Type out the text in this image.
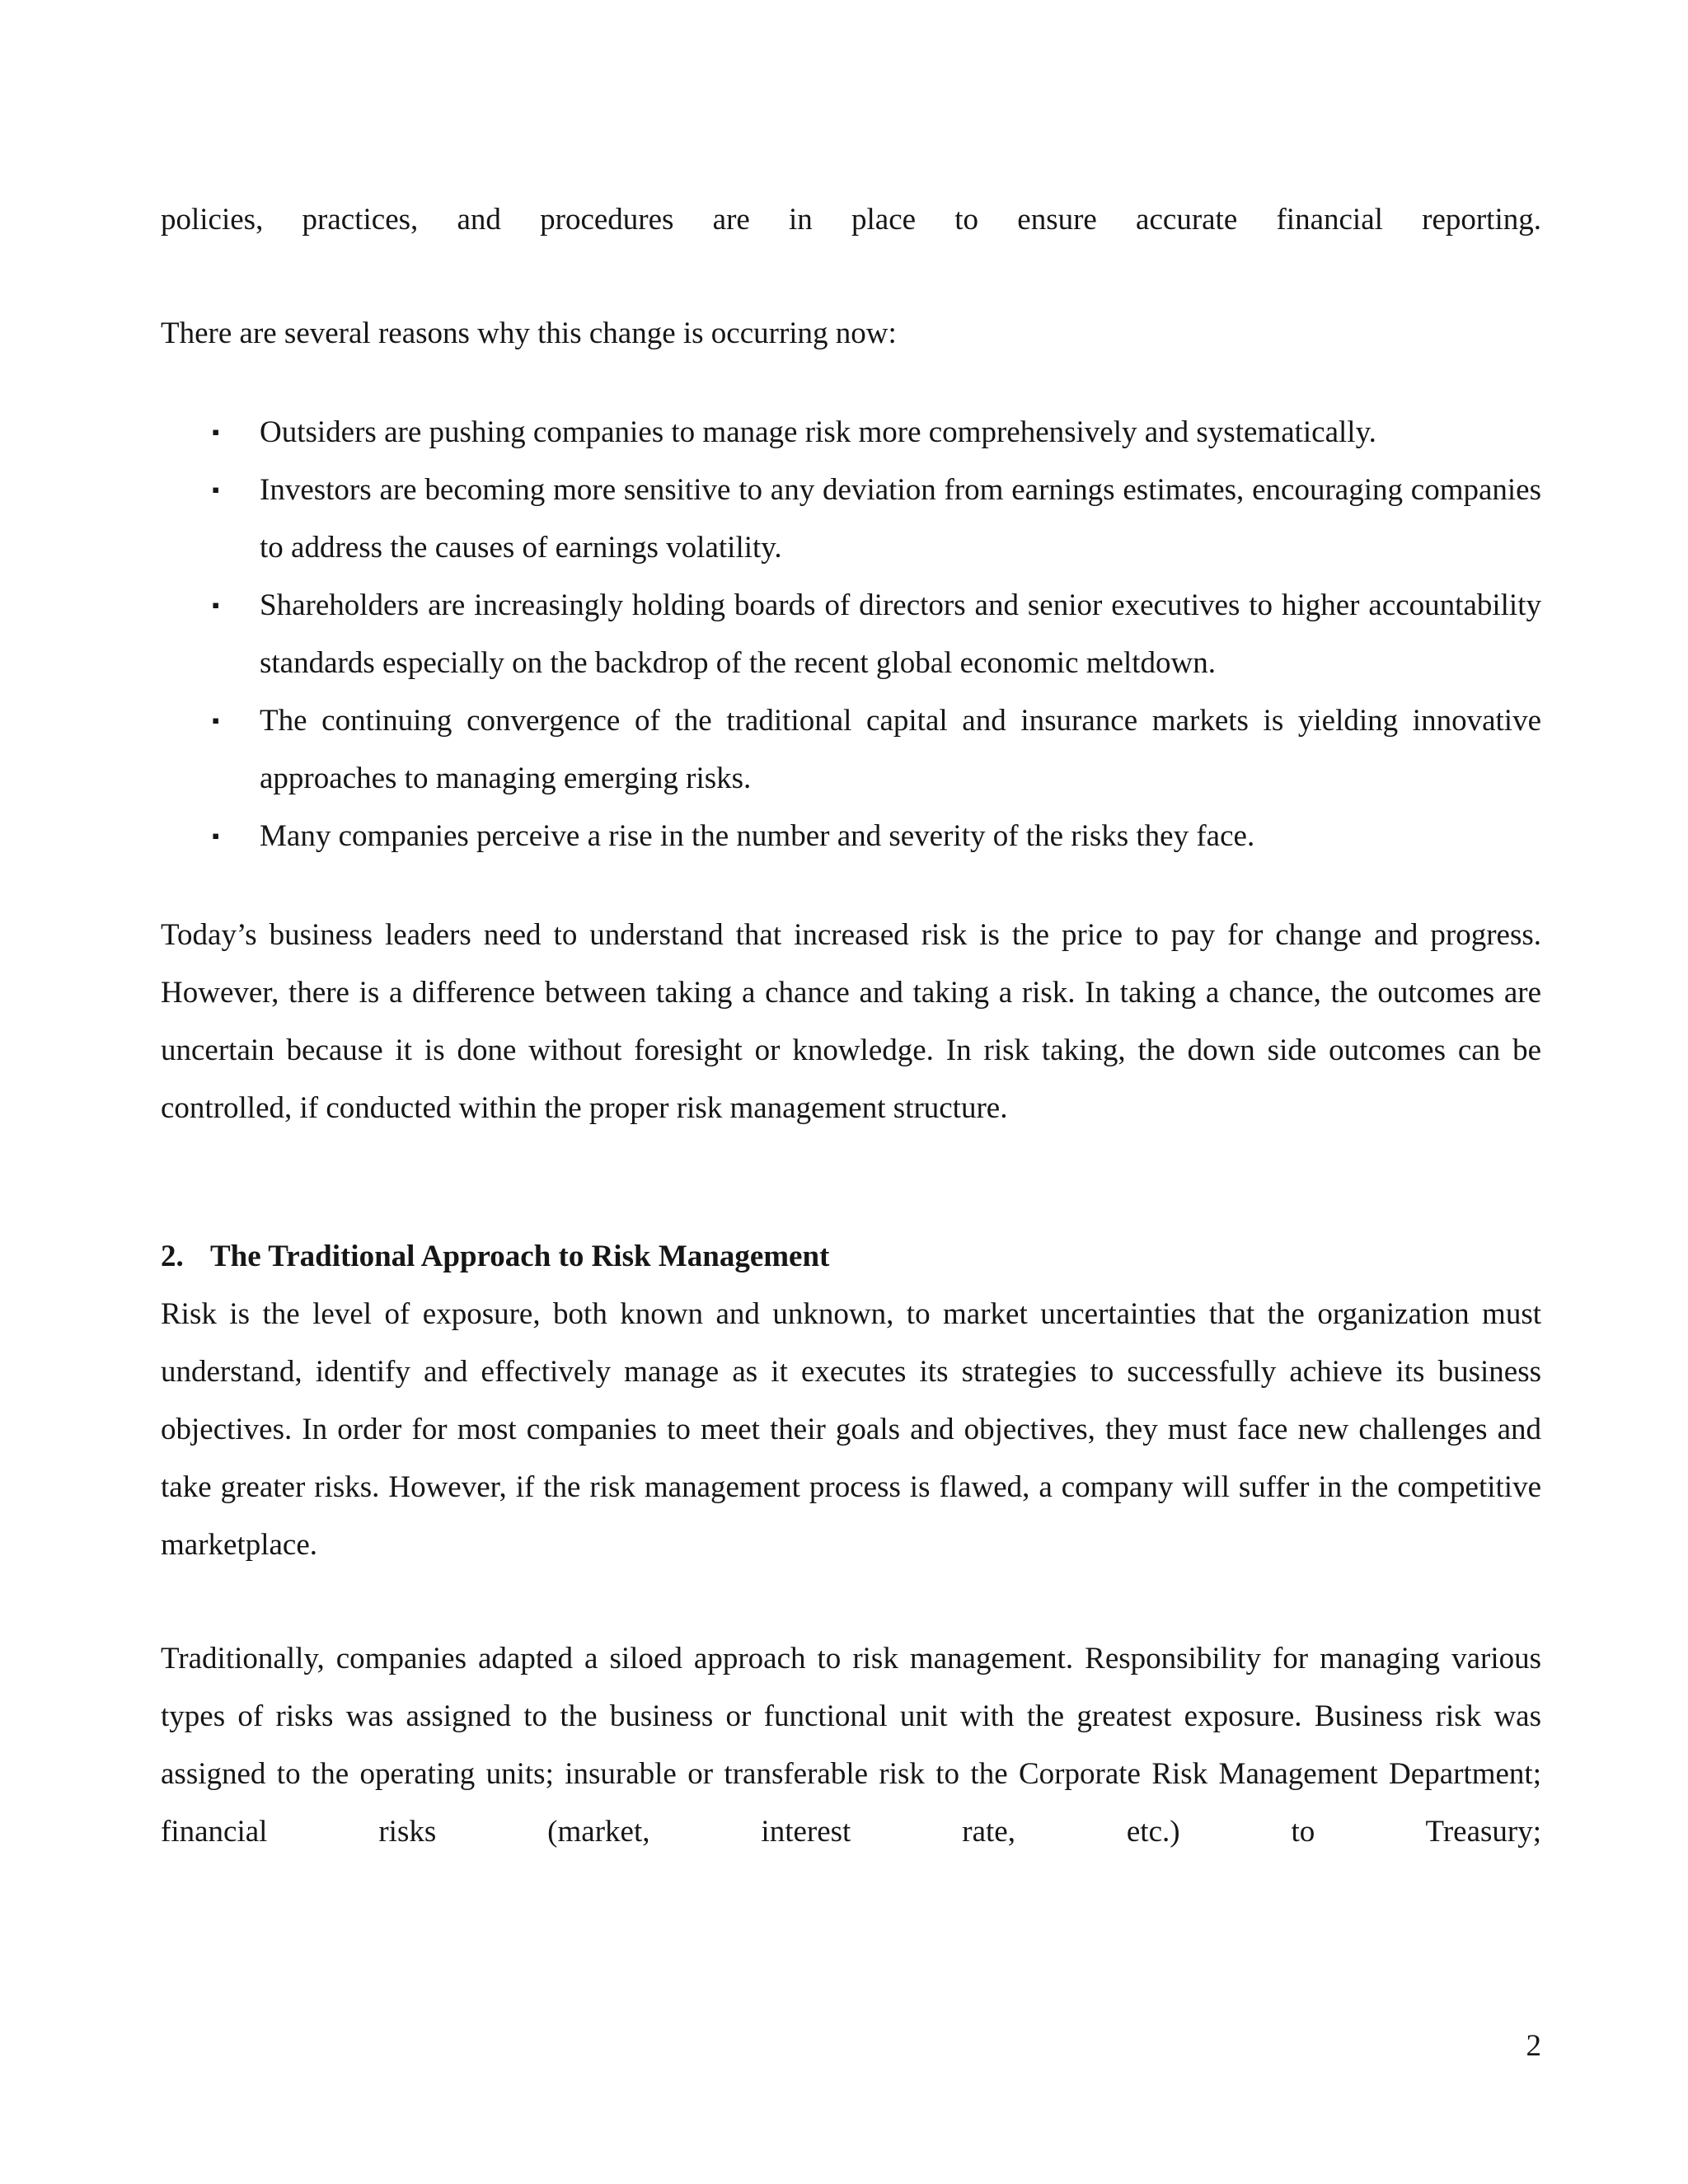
policies, practices, and procedures are in place to ensure accurate financial reporting.

There are several reasons why this change is occurring now:

▪ Outsiders are pushing companies to manage risk more comprehensively and systematically.
▪ Investors are becoming more sensitive to any deviation from earnings estimates, encouraging companies to address the causes of earnings volatility.
▪ Shareholders are increasingly holding boards of directors and senior executives to higher accountability standards especially on the backdrop of the recent global economic meltdown.
▪ The continuing convergence of the traditional capital and insurance markets is yielding innovative approaches to managing emerging risks.
▪ Many companies perceive a rise in the number and severity of the risks they face.

Today’s business leaders need to understand that increased risk is the price to pay for change and progress. However, there is a difference between taking a chance and taking a risk. In taking a chance, the outcomes are uncertain because it is done without foresight or knowledge. In risk taking, the down side outcomes can be controlled, if conducted within the proper risk management structure.

2. The Traditional Approach to Risk Management

Risk is the level of exposure, both known and unknown, to market uncertainties that the organization must understand, identify and effectively manage as it executes its strategies to successfully achieve its business objectives. In order for most companies to meet their goals and objectives, they must face new challenges and take greater risks. However, if the risk management process is flawed, a company will suffer in the competitive marketplace.

Traditionally, companies adapted a siloed approach to risk management. Responsibility for managing various types of risks was assigned to the business or functional unit with the greatest exposure. Business risk was assigned to the operating units; insurable or transferable risk to the Corporate Risk Management Department; financial risks (market, interest rate, etc.) to Treasury;

2
